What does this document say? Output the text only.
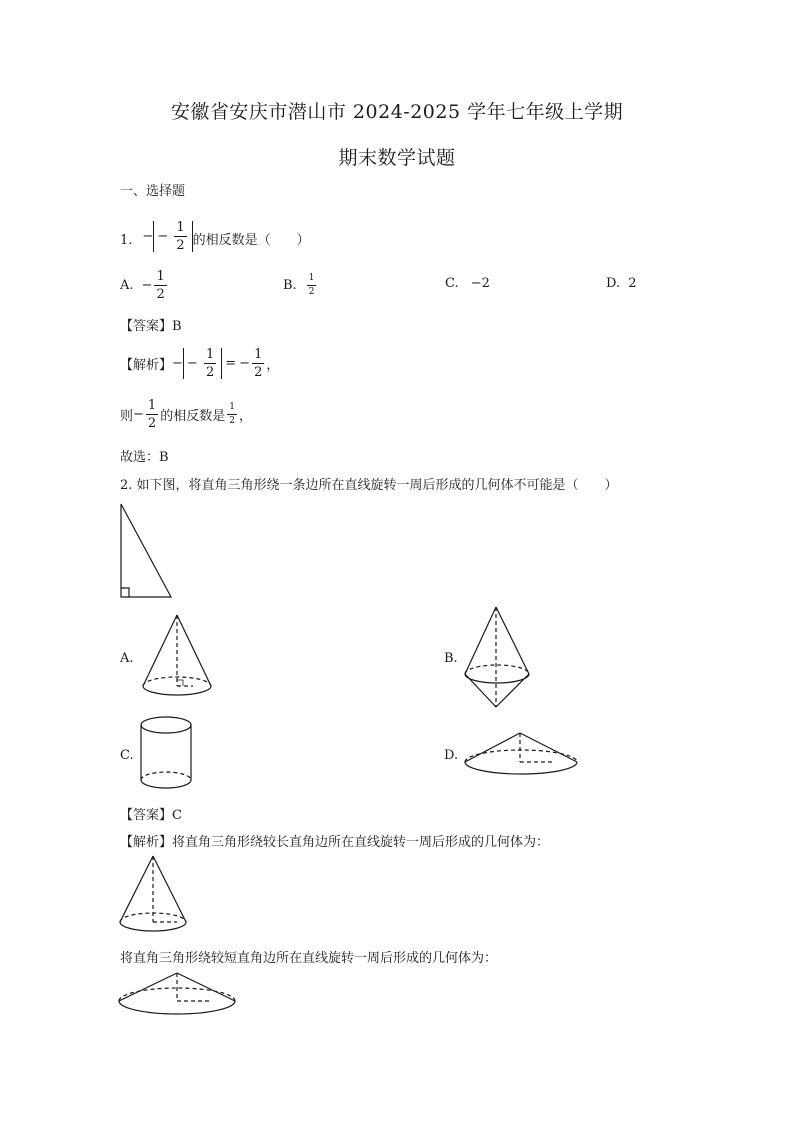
安徽省安庆市潜山市 2024-2025 学年七年级上学期
期末数学试题
一、选择题
1. − − $\frac{1}{2}$ 的相反数是（　　）
A. − $\frac{1}{2}$	B. $\frac{1}{2}$	C. −2	D. 2
【答案】B
【解析】 − − $\frac{1}{2}$ = − $\frac{1}{2}$ ，
则 − $\frac{1}{2}$ 的相反数是 $\frac{1}{2}$ ，
故选：B
2. 如下图，将直角三角形绕一条边所在直线旋转一周后形成的几何体不可能是（　　）
A.	B.
C.	D.
【答案】C
【解析】将直角三角形绕较长直角边所在直线旋转一周后形成的几何体为：
将直角三角形绕较短直角边所在直线旋转一周后形成的几何体为：
